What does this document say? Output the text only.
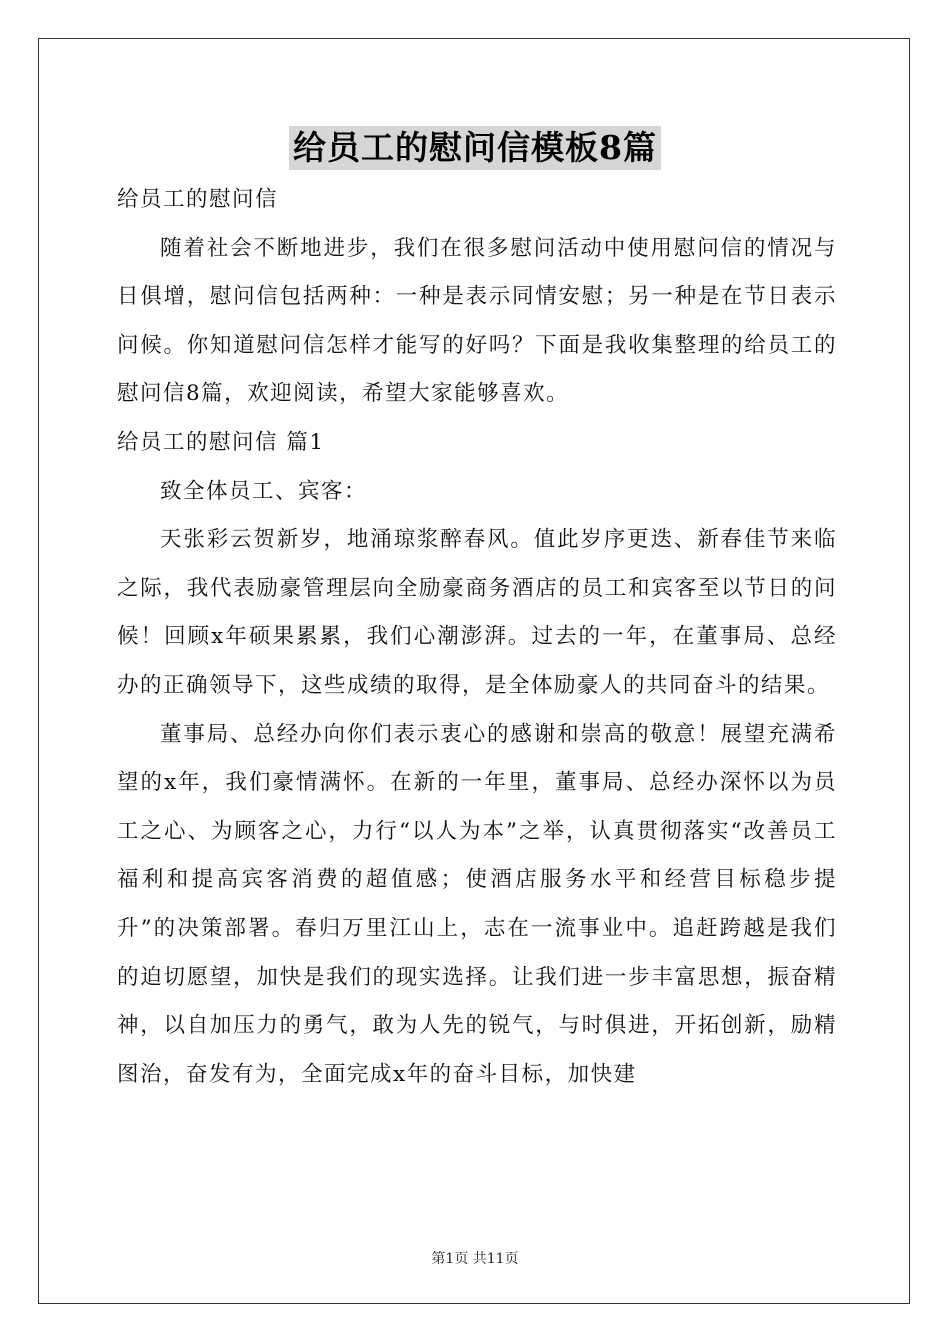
给员工的慰问信模板8篇

给员工的慰问信

随着社会不断地进步，我们在很多慰问活动中使用慰问信的情况与日俱增，慰问信包括两种：一种是表示同情安慰；另一种是在节日表示问候。你知道慰问信怎样才能写的好吗？下面是我收集整理的给员工的慰问信8篇，欢迎阅读，希望大家能够喜欢。

给员工的慰问信 篇1

致全体员工、宾客：

天张彩云贺新岁，地涌琼浆醉春风。值此岁序更迭、新春佳节来临之际，我代表励豪管理层向全励豪商务酒店的员工和宾客至以节日的问候！回顾x年硕果累累，我们心潮澎湃。过去的一年，在董事局、总经办的正确领导下，这些成绩的取得，是全体励豪人的共同奋斗的结果。

董事局、总经办向你们表示衷心的感谢和崇高的敬意！展望充满希望的x年，我们豪情满怀。在新的一年里，董事局、总经办深怀以为员工之心、为顾客之心，力行“以人为本”之举，认真贯彻落实“改善员工福利和提高宾客消费的超值感；使酒店服务水平和经营目标稳步提升”的决策部署。春归万里江山上，志在一流事业中。追赶跨越是我们的迫切愿望，加快是我们的现实选择。让我们进一步丰富思想，振奋精神，以自加压力的勇气，敢为人先的锐气，与时俱进，开拓创新，励精图治，奋发有为，全面完成x年的奋斗目标，加快建

第1页 共11页
